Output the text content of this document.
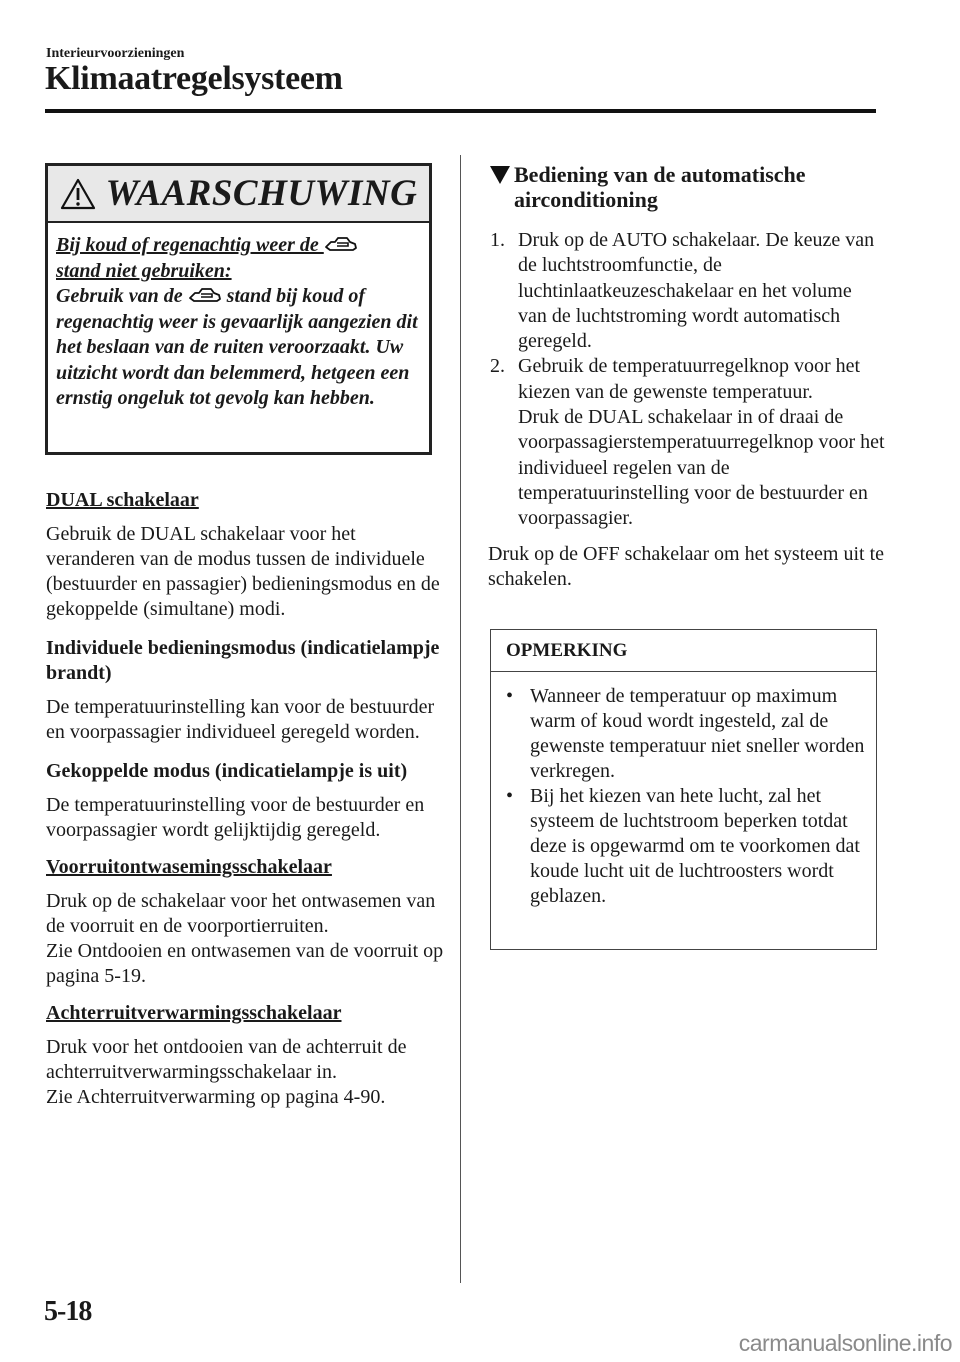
Interieurvoorzieningen
Klimaatregelsysteem
WAARSCHUWING
Bij koud of regenachtig weer de
stand niet gebruiken:
Gebruik van de  stand bij koud of
regenachtig weer is gevaarlijk aangezien dit het beslaan van de ruiten veroorzaakt. Uw uitzicht wordt dan belemmerd, hetgeen een ernstig ongeluk tot gevolg kan hebben.
DUAL schakelaar
Gebruik de DUAL schakelaar voor het veranderen van de modus tussen de individuele (bestuurder en passagier) bedieningsmodus en de gekoppelde (simultane) modi.
Individuele bedieningsmodus (indicatielampje brandt)
De temperatuurinstelling kan voor de bestuurder en voorpassagier individueel geregeld worden.
Gekoppelde modus (indicatielampje is uit)
De temperatuurinstelling voor de bestuurder en voorpassagier wordt gelijktijdig geregeld.
Voorruitontwasemingsschakelaar
Druk op de schakelaar voor het ontwasemen van de voorruit en de voorportierruiten.
Zie Ontdooien en ontwasemen van de voorruit op pagina 5-19.
Achterruitverwarmingsschakelaar
Druk voor het ontdooien van de achterruit de achterruitverwarmingsschakelaar in.
Zie Achterruitverwarming op pagina 4-90.
Bediening van de automatische airconditioning
1. Druk op de AUTO schakelaar. De keuze van de luchtstroomfunctie, de luchtinlaatkeuzeschakelaar en het volume van de luchtstroming wordt automatisch geregeld.
2. Gebruik de temperatuurregelknop voor het kiezen van de gewenste temperatuur.
Druk de DUAL schakelaar in of draai de voorpassagierstemperatuurregelknop voor het individueel regelen van de temperatuurinstelling voor de bestuurder en voorpassagier.
Druk op de OFF schakelaar om het systeem uit te schakelen.
OPMERKING
• Wanneer de temperatuur op maximum warm of koud wordt ingesteld, zal de gewenste temperatuur niet sneller worden verkregen.
• Bij het kiezen van hete lucht, zal het systeem de luchtstroom beperken totdat deze is opgewarmd om te voorkomen dat koude lucht uit de luchtroosters wordt geblazen.
5-18
carmanualsonline.info
